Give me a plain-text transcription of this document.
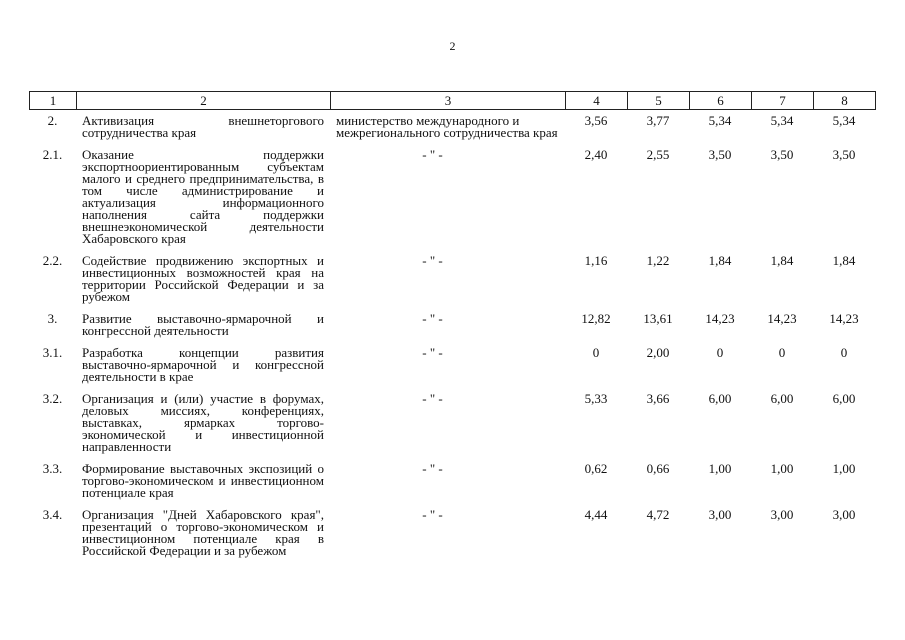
2
1	2	3	4	5	6	7	8
2.	Активизация внешнеторгового сотрудничества края	министерство международного и межрегионального сотрудничества края	3,56	3,77	5,34	5,34	5,34
2.1.	Оказание поддержки экспортноориентированным субъектам малого и среднего предпринимательства, в том числе администрирование и актуализация информационного наполнения сайта поддержки внешнеэкономической деятельности Хабаровского края	- " -	2,40	2,55	3,50	3,50	3,50
2.2.	Содействие продвижению экспортных и инвестиционных возможностей края на территории Российской Федерации и за рубежом	- " -	1,16	1,22	1,84	1,84	1,84
3.	Развитие выставочно-ярмарочной и конгрессной деятельности	- " -	12,82	13,61	14,23	14,23	14,23
3.1.	Разработка концепции развития выставочно-ярмарочной и конгрессной деятельности в крае	- " -	0	2,00	0	0	0
3.2.	Организация и (или) участие в форумах, деловых миссиях, конференциях, выставках, ярмарках торгово-экономической и инвестиционной направленности	- " -	5,33	3,66	6,00	6,00	6,00
3.3.	Формирование выставочных экспозиций о торгово-экономическом и инвестиционном потенциале края	- " -	0,62	0,66	1,00	1,00	1,00
3.4.	Организация "Дней Хабаровского края", презентаций о торгово-экономическом и инвестиционном потенциале края в Российской Федерации и за рубежом	- " -	4,44	4,72	3,00	3,00	3,00
